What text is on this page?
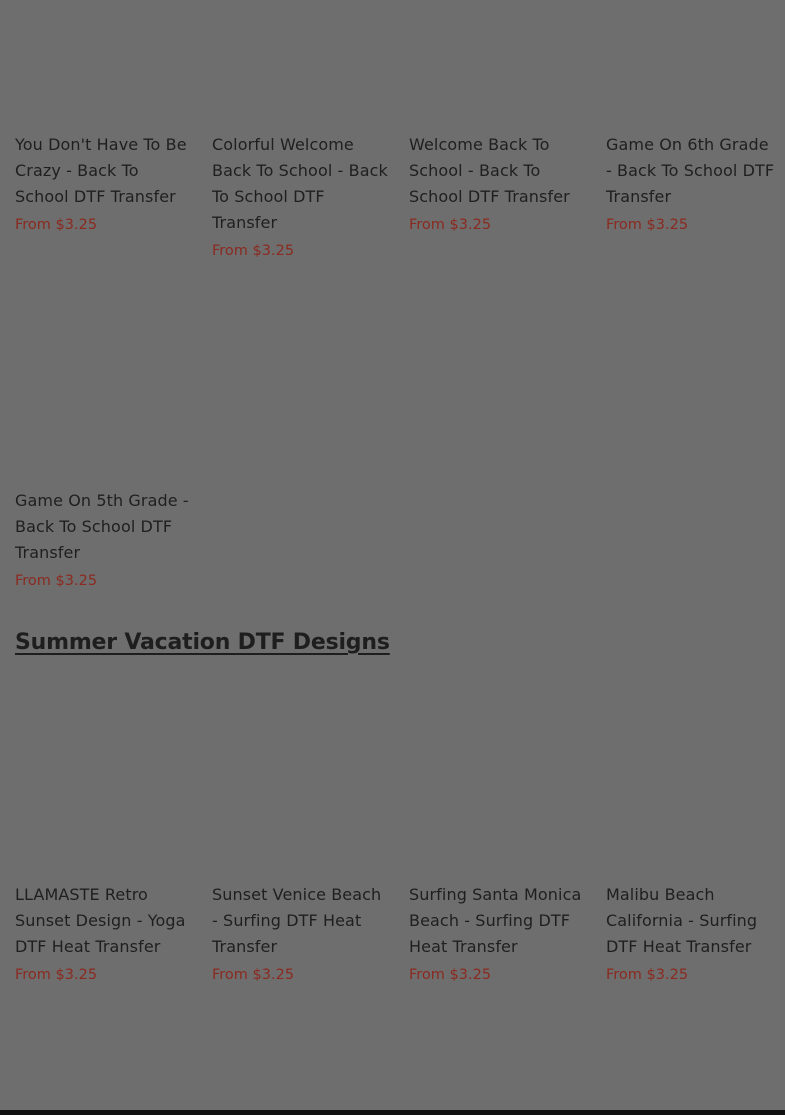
You Don't Have To Be Crazy - Back To School DTF Transfer

From $3.25

Colorful Welcome Back To School - Back To School DTF Transfer

From $3.25

Welcome Back To School - Back To School DTF Transfer

From $3.25

Game On 6th Grade - Back To School DTF Transfer

From $3.25

Game On 5th Grade - Back To School DTF Transfer

From $3.25
Summer Vacation DTF Designs

LLAMASTE Retro Sunset Design - Yoga DTF Heat Transfer

From $3.25

Sunset Venice Beach - Surfing DTF Heat Transfer

From $3.25

Surfing Santa Monica Beach - Surfing DTF Heat Transfer

From $3.25

Malibu Beach California - Surfing DTF Heat Transfer

From $3.25
